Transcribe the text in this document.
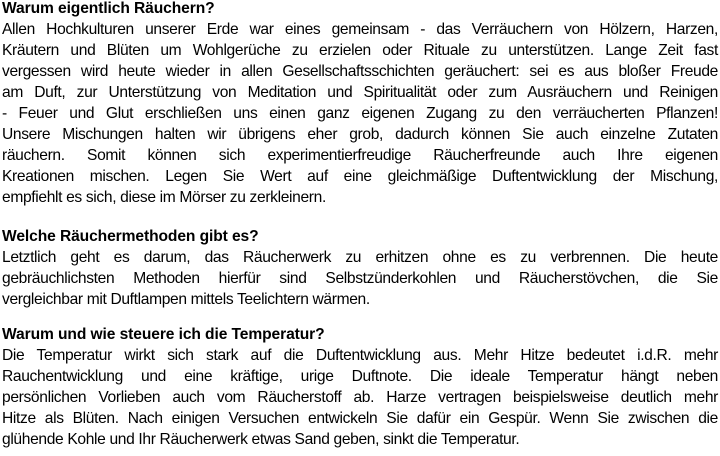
Warum eigentlich Räuchern?
Allen Hochkulturen unserer Erde war eines gemeinsam - das Verräuchern von Hölzern, Harzen,
Kräutern und Blüten um Wohlgerüche zu erzielen oder Rituale zu unterstützen. Lange Zeit fast
vergessen wird heute wieder in allen Gesellschaftsschichten geräuchert: sei es aus bloßer Freude
am Duft, zur Unterstützung von Meditation und Spiritualität oder zum Ausräuchern und Reinigen
- Feuer und Glut erschließen uns einen ganz eigenen Zugang zu den verräucherten Pflanzen!
Unsere Mischungen halten wir übrigens eher grob, dadurch können Sie auch einzelne Zutaten
räuchern. Somit können sich experimentierfreudige Räucherfreunde auch Ihre eigenen
Kreationen mischen. Legen Sie Wert auf eine gleichmäßige Duftentwicklung der Mischung,
empfiehlt es sich, diese im Mörser zu zerkleinern.
Welche Räuchermethoden gibt es?
Letztlich geht es darum, das Räucherwerk zu erhitzen ohne es zu verbrennen. Die heute
gebräuchlichsten Methoden hierfür sind Selbstzünderkohlen und Räucherstövchen, die Sie
vergleichbar mit Duftlampen mittels Teelichtern wärmen.
Warum und wie steuere ich die Temperatur?
Die Temperatur wirkt sich stark auf die Duftentwicklung aus. Mehr Hitze bedeutet i.d.R. mehr
Rauchentwicklung und eine kräftige, urige Duftnote. Die ideale Temperatur hängt neben
persönlichen Vorlieben auch vom Räucherstoff ab. Harze vertragen beispielsweise deutlich mehr
Hitze als Blüten. Nach einigen Versuchen entwickeln Sie dafür ein Gespür. Wenn Sie zwischen die
glühende Kohle und Ihr Räucherwerk etwas Sand geben, sinkt die Temperatur.
